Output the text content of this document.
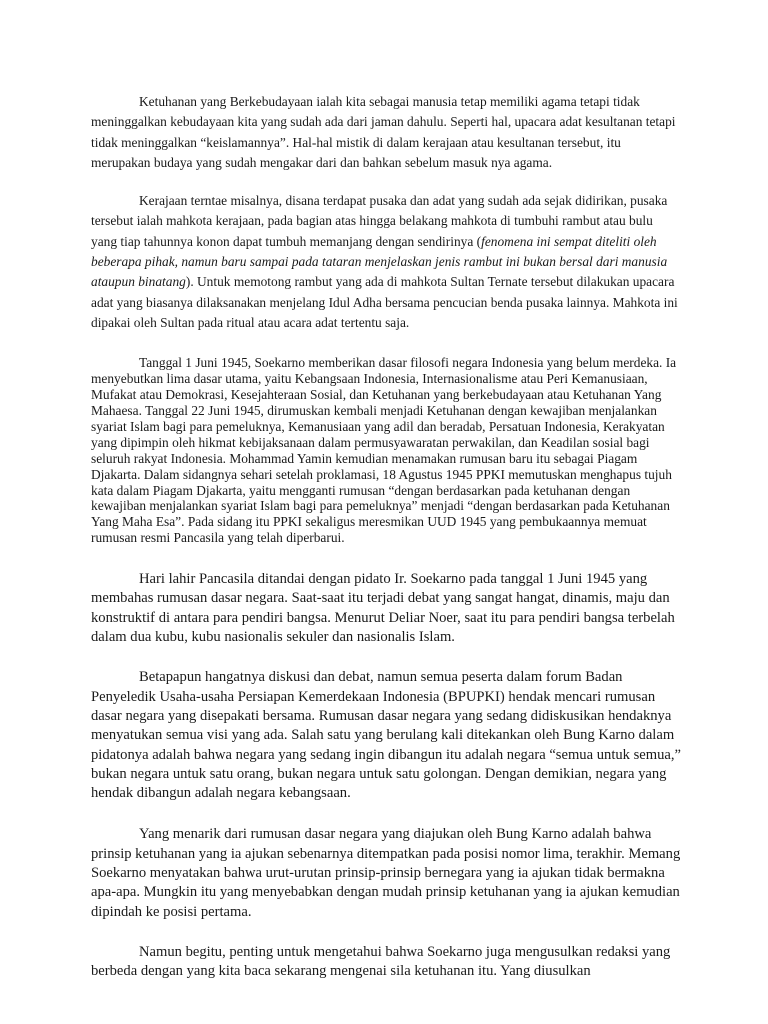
Ketuhanan yang Berkebudayaan ialah kita sebagai manusia tetap memiliki agama tetapi tidak meninggalkan kebudayaan kita yang sudah ada dari jaman dahulu. Seperti hal, upacara adat kesultanan tetapi tidak meninggalkan “keislamannya”. Hal-hal mistik di dalam kerajaan atau kesultanan tersebut, itu merupakan budaya yang sudah mengakar dari dan bahkan sebelum masuk nya agama.

Kerajaan terntae misalnya, disana terdapat pusaka dan adat yang sudah ada sejak didirikan, pusaka tersebut ialah mahkota kerajaan, pada bagian atas hingga belakang mahkota di tumbuhi rambut atau bulu yang tiap tahunnya konon dapat tumbuh memanjang dengan sendirinya (fenomena ini sempat diteliti oleh beberapa pihak, namun baru sampai pada tataran menjelaskan jenis rambut ini bukan bersal dari manusia ataupun binatang). Untuk memotong rambut yang ada di mahkota Sultan Ternate tersebut dilakukan upacara adat yang biasanya dilaksanakan menjelang Idul Adha bersama pencucian benda pusaka lainnya. Mahkota ini dipakai oleh Sultan pada ritual atau acara adat tertentu saja.

Tanggal 1 Juni 1945, Soekarno memberikan dasar filosofi negara Indonesia yang belum merdeka. Ia menyebutkan lima dasar utama, yaitu Kebangsaan Indonesia, Internasionalisme atau Peri Kemanusiaan, Mufakat atau Demokrasi, Kesejahteraan Sosial, dan Ketuhanan yang berkebudayaan atau Ketuhanan Yang Mahaesa. Tanggal 22 Juni 1945, dirumuskan kembali menjadi Ketuhanan dengan kewajiban menjalankan syariat Islam bagi para pemeluknya, Kemanusiaan yang adil dan beradab, Persatuan Indonesia, Kerakyatan yang dipimpin oleh hikmat kebijaksanaan dalam permusyawaratan perwakilan, dan Keadilan sosial bagi seluruh rakyat Indonesia. Mohammad Yamin kemudian menamakan rumusan baru itu sebagai Piagam Djakarta. Dalam sidangnya sehari setelah proklamasi, 18 Agustus 1945 PPKI memutuskan menghapus tujuh kata dalam Piagam Djakarta, yaitu mengganti rumusan “dengan berdasarkan pada ketuhanan dengan kewajiban menjalankan syariat Islam bagi para pemeluknya” menjadi “dengan berdasarkan pada Ketuhanan Yang Maha Esa”. Pada sidang itu PPKI sekaligus meresmikan UUD 1945 yang pembukaannya memuat rumusan resmi Pancasila yang telah diperbarui.

Hari lahir Pancasila ditandai dengan pidato Ir. Soekarno pada tanggal 1 Juni 1945 yang membahas rumusan dasar negara. Saat-saat itu terjadi debat yang sangat hangat, dinamis, maju dan konstruktif di antara para pendiri bangsa. Menurut Deliar Noer, saat itu para pendiri bangsa terbelah dalam dua kubu, kubu nasionalis sekuler dan nasionalis Islam.

Betapapun hangatnya diskusi dan debat, namun semua peserta dalam forum Badan Penyeledik Usaha-usaha Persiapan Kemerdekaan Indonesia (BPUPKI) hendak mencari rumusan dasar negara yang disepakati bersama. Rumusan dasar negara yang sedang didiskusikan hendaknya menyatukan semua visi yang ada. Salah satu yang berulang kali ditekankan oleh Bung Karno dalam pidatonya adalah bahwa negara yang sedang ingin dibangun itu adalah negara “semua untuk semua,” bukan negara untuk satu orang, bukan negara untuk satu golongan. Dengan demikian, negara yang hendak dibangun adalah negara kebangsaan.

Yang menarik dari rumusan dasar negara yang diajukan oleh Bung Karno adalah bahwa prinsip ketuhanan yang ia ajukan sebenarnya ditempatkan pada posisi nomor lima, terakhir. Memang Soekarno menyatakan bahwa urut-urutan prinsip-prinsip bernegara yang ia ajukan tidak bermakna apa-apa. Mungkin itu yang menyebabkan dengan mudah prinsip ketuhanan yang ia ajukan kemudian dipindah ke posisi pertama.

Namun begitu, penting untuk mengetahui bahwa Soekarno juga mengusulkan redaksi yang berbeda dengan yang kita baca sekarang mengenai sila ketuhanan itu. Yang diusulkan
